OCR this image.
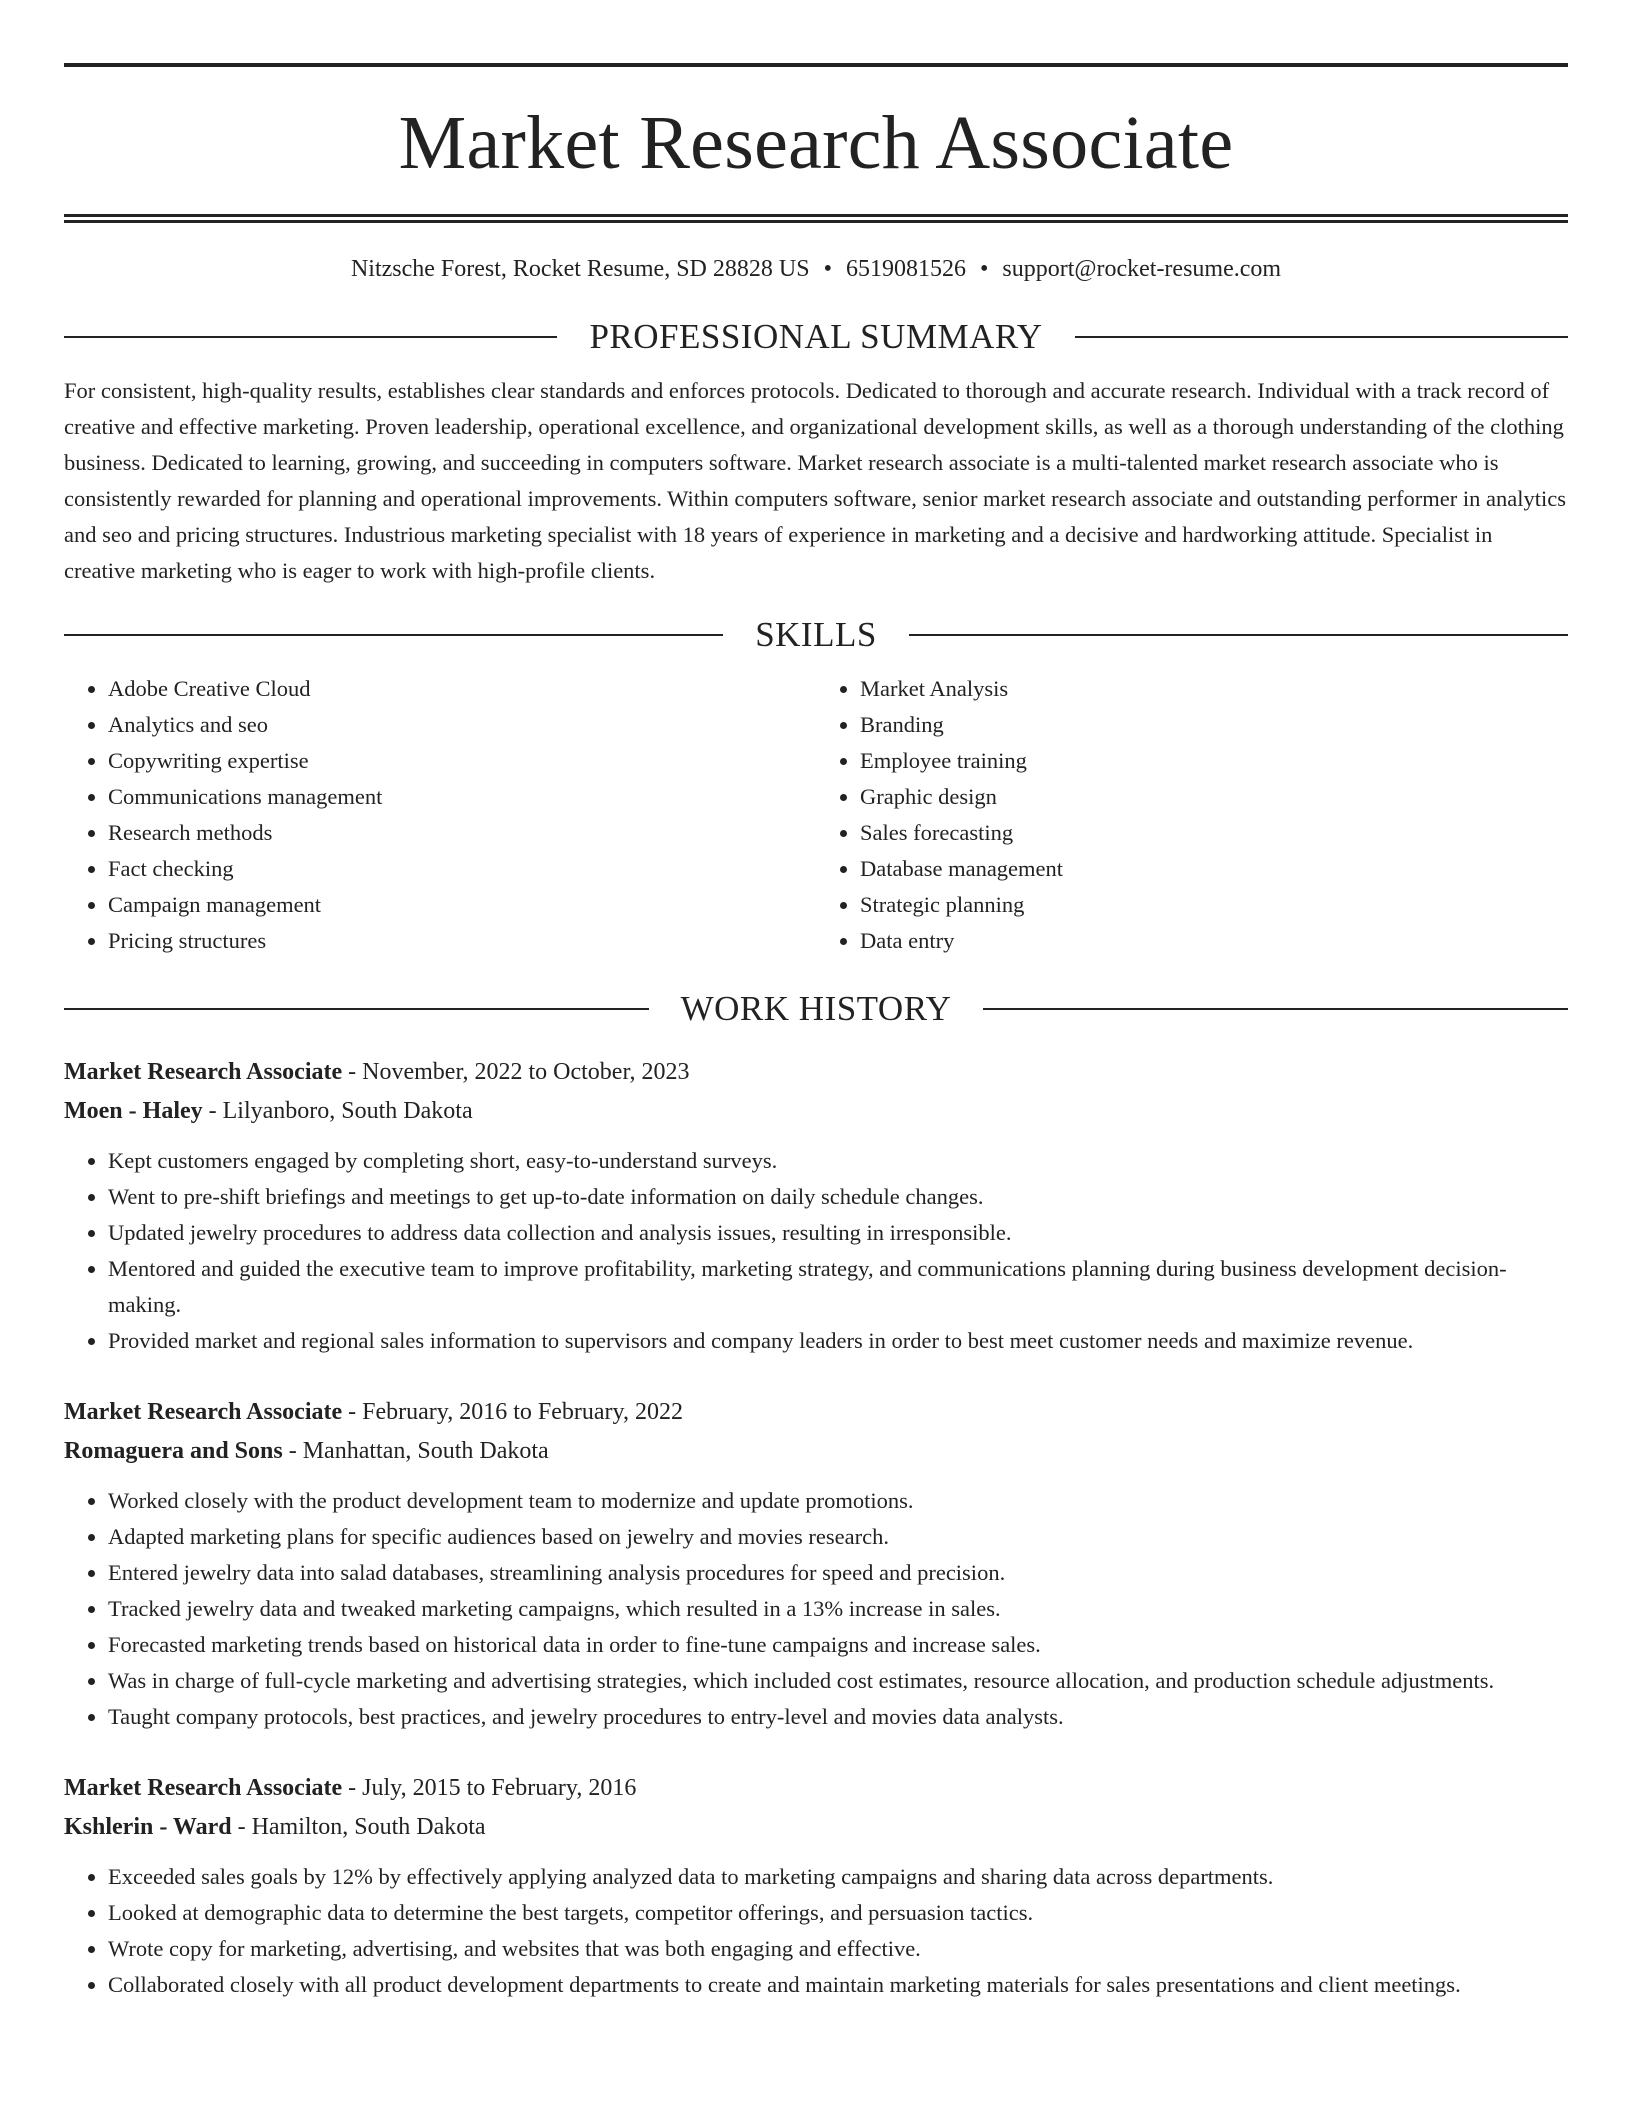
Market Research Associate
Nitzsche Forest, Rocket Resume, SD 28828 US • 6519081526 • support@rocket-resume.com
PROFESSIONAL SUMMARY
For consistent, high-quality results, establishes clear standards and enforces protocols. Dedicated to thorough and accurate research. Individual with a track record of creative and effective marketing. Proven leadership, operational excellence, and organizational development skills, as well as a thorough understanding of the clothing business. Dedicated to learning, growing, and succeeding in computers software. Market research associate is a multi-talented market research associate who is consistently rewarded for planning and operational improvements. Within computers software, senior market research associate and outstanding performer in analytics and seo and pricing structures. Industrious marketing specialist with 18 years of experience in marketing and a decisive and hardworking attitude. Specialist in creative marketing who is eager to work with high-profile clients.
SKILLS
• Adobe Creative Cloud
• Analytics and seo
• Copywriting expertise
• Communications management
• Research methods
• Fact checking
• Campaign management
• Pricing structures
• Market Analysis
• Branding
• Employee training
• Graphic design
• Sales forecasting
• Database management
• Strategic planning
• Data entry
WORK HISTORY
Market Research Associate - November, 2022 to October, 2023
Moen - Haley - Lilyanboro, South Dakota
• Kept customers engaged by completing short, easy-to-understand surveys.
• Went to pre-shift briefings and meetings to get up-to-date information on daily schedule changes.
• Updated jewelry procedures to address data collection and analysis issues, resulting in irresponsible.
• Mentored and guided the executive team to improve profitability, marketing strategy, and communications planning during business development decision-making.
• Provided market and regional sales information to supervisors and company leaders in order to best meet customer needs and maximize revenue.
Market Research Associate - February, 2016 to February, 2022
Romaguera and Sons - Manhattan, South Dakota
• Worked closely with the product development team to modernize and update promotions.
• Adapted marketing plans for specific audiences based on jewelry and movies research.
• Entered jewelry data into salad databases, streamlining analysis procedures for speed and precision.
• Tracked jewelry data and tweaked marketing campaigns, which resulted in a 13% increase in sales.
• Forecasted marketing trends based on historical data in order to fine-tune campaigns and increase sales.
• Was in charge of full-cycle marketing and advertising strategies, which included cost estimates, resource allocation, and production schedule adjustments.
• Taught company protocols, best practices, and jewelry procedures to entry-level and movies data analysts.
Market Research Associate - July, 2015 to February, 2016
Kshlerin - Ward - Hamilton, South Dakota
• Exceeded sales goals by 12% by effectively applying analyzed data to marketing campaigns and sharing data across departments.
• Looked at demographic data to determine the best targets, competitor offerings, and persuasion tactics.
• Wrote copy for marketing, advertising, and websites that was both engaging and effective.
• Collaborated closely with all product development departments to create and maintain marketing materials for sales presentations and client meetings.
